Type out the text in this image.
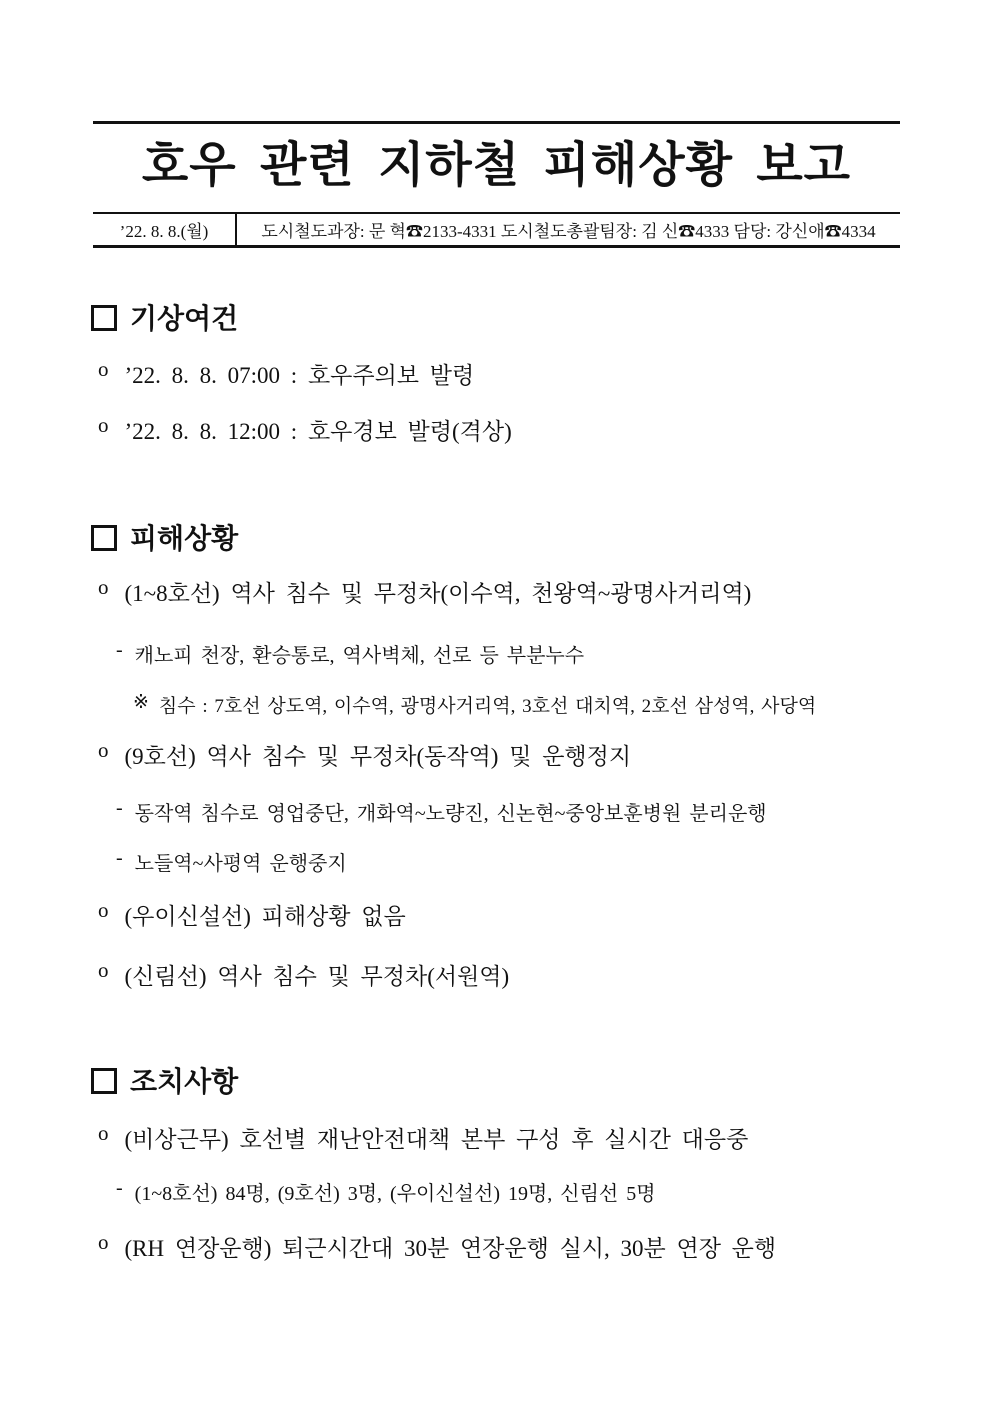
호우 관련 지하철 피해상황 보고
’22. 8. 8.(월)	도시철도과장: 문 혁☎2133-4331 도시철도총괄팀장: 김 신☎4333 담당: 강신애☎4334
기상여건
o ’22. 8. 8. 07:00 : 호우주의보 발령
o ’22. 8. 8. 12:00 : 호우경보 발령(격상)
피해상황
o (1~8호선) 역사 침수 및 무정차(이수역, 천왕역~광명사거리역)
- 캐노피 천장, 환승통로, 역사벽체, 선로 등 부분누수
※ 침수 : 7호선 상도역, 이수역, 광명사거리역, 3호선 대치역, 2호선 삼성역, 사당역
o (9호선) 역사 침수 및 무정차(동작역) 및 운행정지
- 동작역 침수로 영업중단, 개화역~노량진, 신논현~중앙보훈병원 분리운행
- 노들역~사평역 운행중지
o (우이신설선) 피해상황 없음
o (신림선) 역사 침수 및 무정차(서원역)
조치사항
o (비상근무) 호선별 재난안전대책 본부 구성 후 실시간 대응중
- (1~8호선) 84명, (9호선) 3명, (우이신설선) 19명, 신림선 5명
o (RH 연장운행) 퇴근시간대 30분 연장운행 실시, 30분 연장 운행
